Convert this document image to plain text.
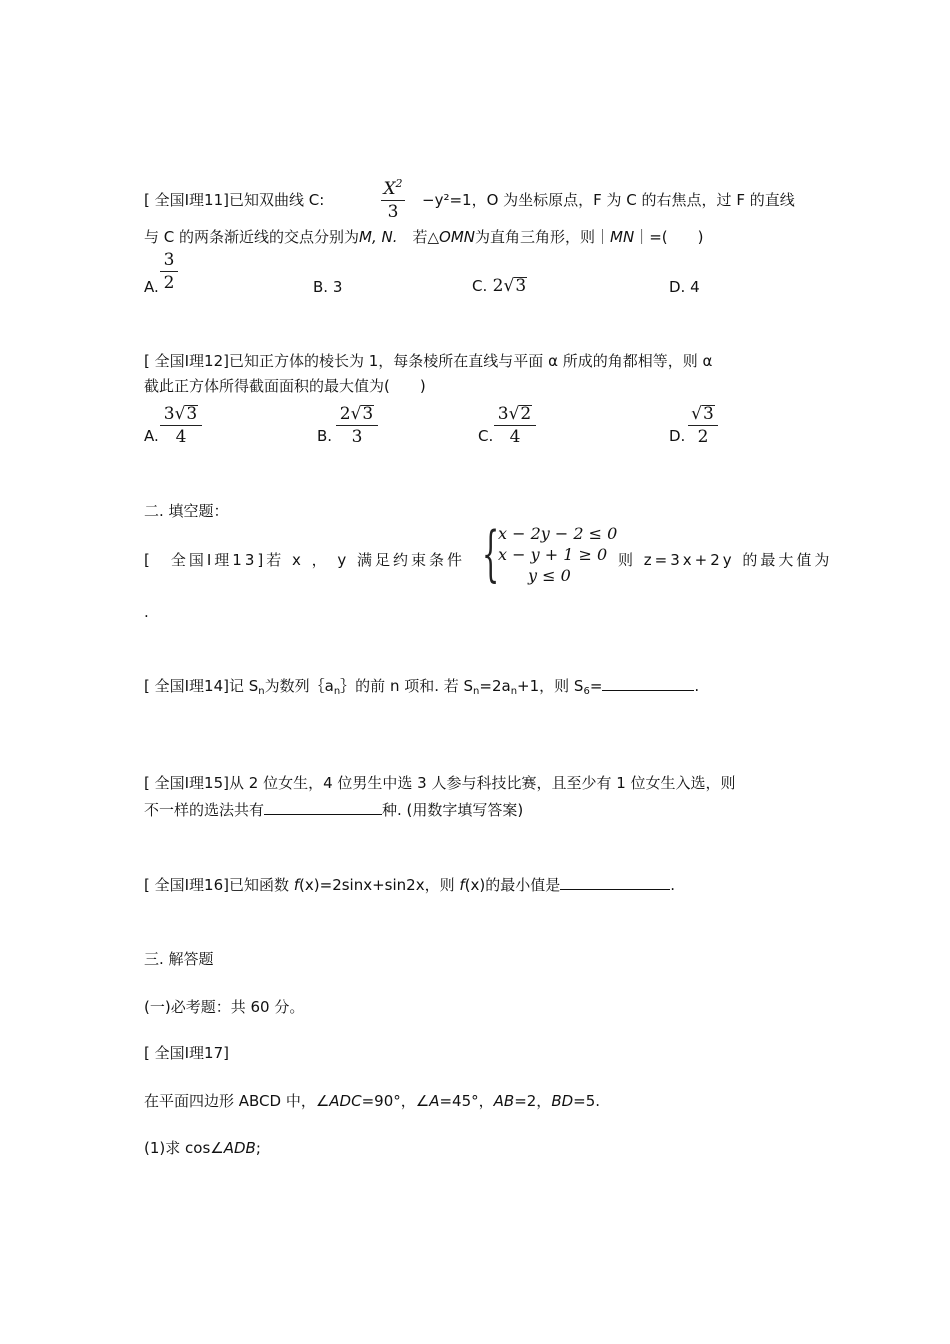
[ 全国Ⅰ理11]已知双曲线 C:
$X^2$
3
−y²=1，O 为坐标原点，F 为 C 的右焦点，过 F 的直线
与 C 的两条渐近线的交点分别为M, N.　 若△OMN为直角三角形，则｜MN｜=(　　)
A.
3
2	B. 3	C. 2√3	D. 4
[ 全国Ⅰ理12]已知正方体的棱长为 1，每条棱所在直线与平面 α 所成的角都相等，则 α
截此正方体所得截面面积的最大值为(　　)
A.
3√3
4	B.
2√3
3	C.
3√2
4	D.
√3
2
二. 填空题：
[　全国Ⅰ理13]若 x ， y 满足约束条件 {
x − 2y − 2 ≤ 0
x − y + 1 ≥ 0
y ≤ 0
则 z=3x+2y 的最大值为
.
[ 全国Ⅰ理14]记 $S_n$为数列$\{a_n\}$的前 n 项和. 若 $S_n=2a_n+1$，则 $S_6=$	.
[ 全国Ⅰ理15]从 2 位女生，4 位男生中选 3 人参与科技比赛，且至少有 1 位女生入选，则
不一样的选法共有	种. (用数字填写答案)
[ 全国Ⅰ理16]已知函数 f(x)=2sinx+sin2x，则 f(x)的最小值是	.
三. 解答题
(一)必考题：共 60 分。
[ 全国Ⅰ理17]
在平面四边形 ABCD 中，∠ADC=90°，∠A=45°，AB=2，BD=5.
(1)求 cos∠ADB;
